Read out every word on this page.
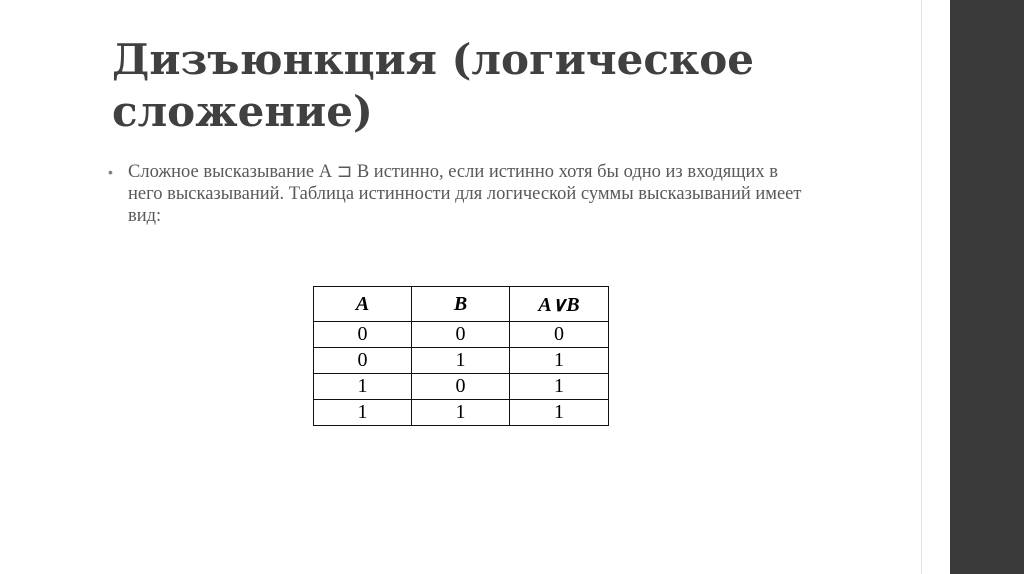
Дизъюнкция (логическое сложение)
• Сложное высказывание А ⊐ В истинно, если истинно хотя бы одно из входящих в него высказываний. Таблица истинности для логической суммы высказываний имеет вид:
A	B	A∨B
0	0	0
0	1	1
1	0	1
1	1	1
